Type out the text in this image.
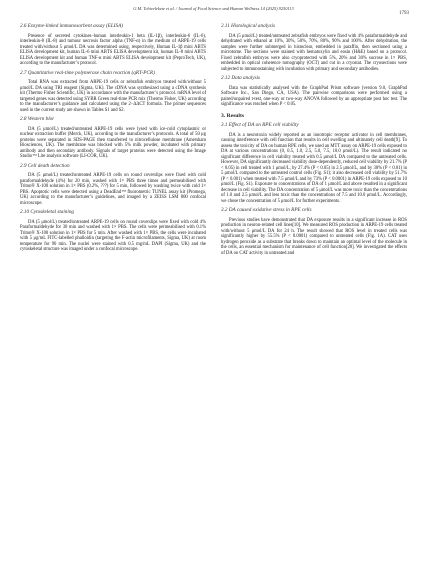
G.M. Tchivelekete et al. / Journal of Food Science and Human Wellness 14 (2025) 9250113
1793
2.6 Enzyme-linked immunosorbent assay (ELISA)

Presence of secreted cytokines–human interleukin-1 beta (IL-1β), interleukin-6 (IL-6), interleukin-8 (IL-8) and tumour necrosis factor alpha (TNF-α) in the medium of ARPE-19 cells treated with/without 5 μmol/L DA was determined using, respectively, Human IL-1β mini ABTS ELISA development kit, human IL-6 mini ABTS ELISA development kit, human IL-8 mini ABTS ELISA development kit and human TNF-α mini ABTS ELISA development kit (PeproTech, UK), according to the manufacturer’s protocol.

2.7 Quantitative real-time polymerase chain reaction (qRT-PCR)

Total RNA was extracted from ARPE-19 cells or zebrafish embryos treated with/without 5 μmol/L DA using TRI reagent (Sigma, UK). The cDNA was synthesized using a cDNA synthesis kit (Thermo Fisher Scientific, UK) in accordance with the manufacturer’s protocol. mRNA level of targeted genes was detected using SYBR Green real-time PCR mix (Thermo Fisher, UK) according to the manufacturer’s guidance and calculated using the 2−ΔΔCT formula. The primer sequences used in the current study are shown in Tables S1 and S2.

2.8 Western blot

DA (5 μmol/L) treated/untreated ARPE-19 cells were lysed with ice-cold cytoplasmic or nuclear extraction buffer (Merck, UK), according to the manufacturer’s protocols. A total of 50 μg proteins were separated in SDS-PAGE then transferred to nitrocellulose membrane (Amersham Biosciences, UK). The membrane was blocked with 5% milk powder, incubated with primary antibody and then secondary antibody. Signals of target proteins were detected using the Image Studio™ Lite analysis software (LI-COR, UK).

2.9 Cell death detection

DA (5 μmol/L) treated/untreated ARPE-19 cells on round coverslips were fixed with cold paraformaldehyde (4%) for 20 min, washed with 1× PBS three times and permeabilised with Triton® X-100 solution in 1× PBS (0.2%, ???) for 5 min, followed by washing twice with cold 1× PBS. Apoptotic cells were detected using a DeadEnd™ fluorometric TUNEL assay kit (Promega, UK) according to the manufacturer’s guidelines, and imaged by a ZEISS LSM 800 confocal microscope.

2.10 Cytoskeletal staining

DA (5 μmol/L) treated/untreated ARPE-19 cells on round coverslips were fixed with cold 4% Paraformaldehyde for 30 min and washed with 1× PBS. The cells were permeabilised with 0.1% Triton® X-100 solution in 1× PBS for 5 min. After washed with 1× PBS, the cells were incubated with 5 μg/mL FITC-labelled phalloidin (targeting the F-actin microfilaments, Sigma, UK) at room temperature for 90 min. The nuclei were stained with 0.5 mg/mL DAPI (Sigma, UK) and the cytoskeletal structure was imaged under a confocal microscope.

2.11 Histological analysis

DA (5 μmol/L) treated/untreated zebrafish embryos were fixed with 4% paraformaldehyde and dehydrated with ethanol at 10%, 30%, 50%, 70%, 80%, 90% and 100%. After dehydration, the samples were further submerged in histoclear, embedded in paraffin, then sectioned using a microtome. The sections were stained with hematoxylin and eosin (H&E) based on a protocol. Fixed zebrafish embryos were also cryoprotected with 5%, 20% and 30% sucrose in 1× PBS, embedded in optical coherence tomography (OCT) and cut in a cryostat. The cryosections were subjected to immunostaining with incubation with primary and secondary antibodies.

2.12 Data analysis

Data was statistically analysed with the GraphPad Prism software (version 9.0, GraphPad Software Inc., San Diego, CA, USA). The pairwise comparisons were performed using a paired/unpaired t-test, one-way or two-way ANOVA followed by an appropriate post hoc test. The significance was reached when P < 0.05.

3. Results
3.1 Effect of DA on RPE cell viability

DA is a neurotoxin widely reported as an ionotropic receptor activator in cell membranes, causing interference with cell function that results in cell swelling and ultimately cell death[9]. To assess the toxicity of DA on human RPE cells, we used an MTT assay on ARPE-19 cells exposed to DA at various concentrations (0, 0.5, 1.0, 2.5, 5.0, 7.5, 10.0 μmol/L). The result indicated no significant difference in cell viability treated with 0.5 μmol/L DA compared to the untreated cells. However, DA significantly decreased viability dose-dependently, reduced cell viability by 21.7% (P < 0.05) in cell treated with 1 μmol/L, by 27.4% (P < 0.05) in 2.5 μmol/L, and by 38% (P < 0.01) in 5 μmol/L compared to the untreated control cells (Fig. S1); it also decreased cell viability by 51.7% (P < 0.001) when treated with 7.5 μmol/L and by 73% (P < 0.0001) in ARPE-19 cells exposed to 10 μmol/L (Fig. S1). Exposure to concentrations of DA of 1 μmol/L and above resulted in a significant decrease in cell viability. The DA concentration of 5 μmol/L was more toxic than the concentrations of 1.0 and 2.5 μmol/L and less toxic than the concentrations of 7.5 and 10.0 μmol/L. Accordingly, we chose the concentration of 5 μmol/L for further experiments.

3.2 DA caused oxidative stress in RPE cells

Previous studies have demonstrated that DA exposure results in a significant increase in ROS production in neuron-related cell lines[10]. We measured ROS production in ARPE-19 cells treated with/without 5 μmol/L DA for 24 h. The result showed that ROS level in treated cells was significantly higher by 55.5% (P < 0.0001) compared to untreated cells (Fig. 1A). CAT uses hydrogen peroxide as a substrate that breaks down to maintain an optimal level of the molecule in the cells, an essential mechanism for maintenance of cell function[28]. We investigated the effects of DA on CAT activity in untreated and
